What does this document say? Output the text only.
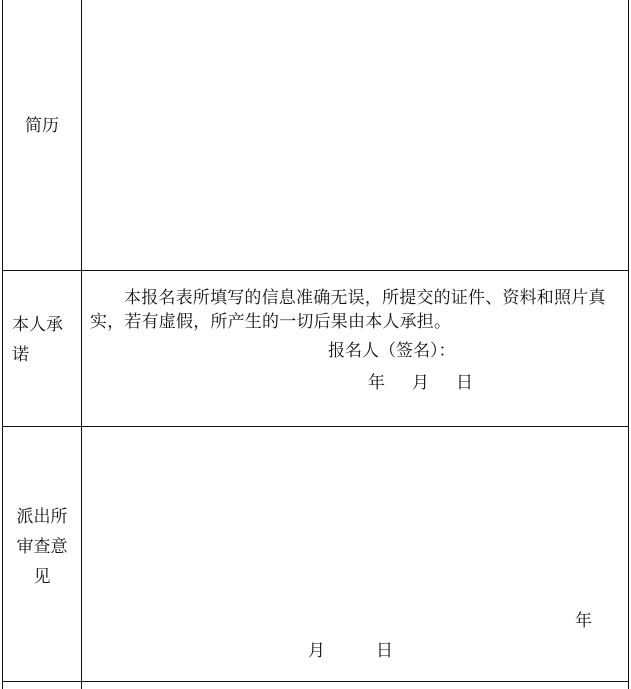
简历
本人承诺
本报名表所填写的信息准确无误，所提交的证件、资料和照片真实，若有虚假，所产生的一切后果由本人承担。
报名人（签名）：
年 月 日
派出所审查意见
年
月	日
